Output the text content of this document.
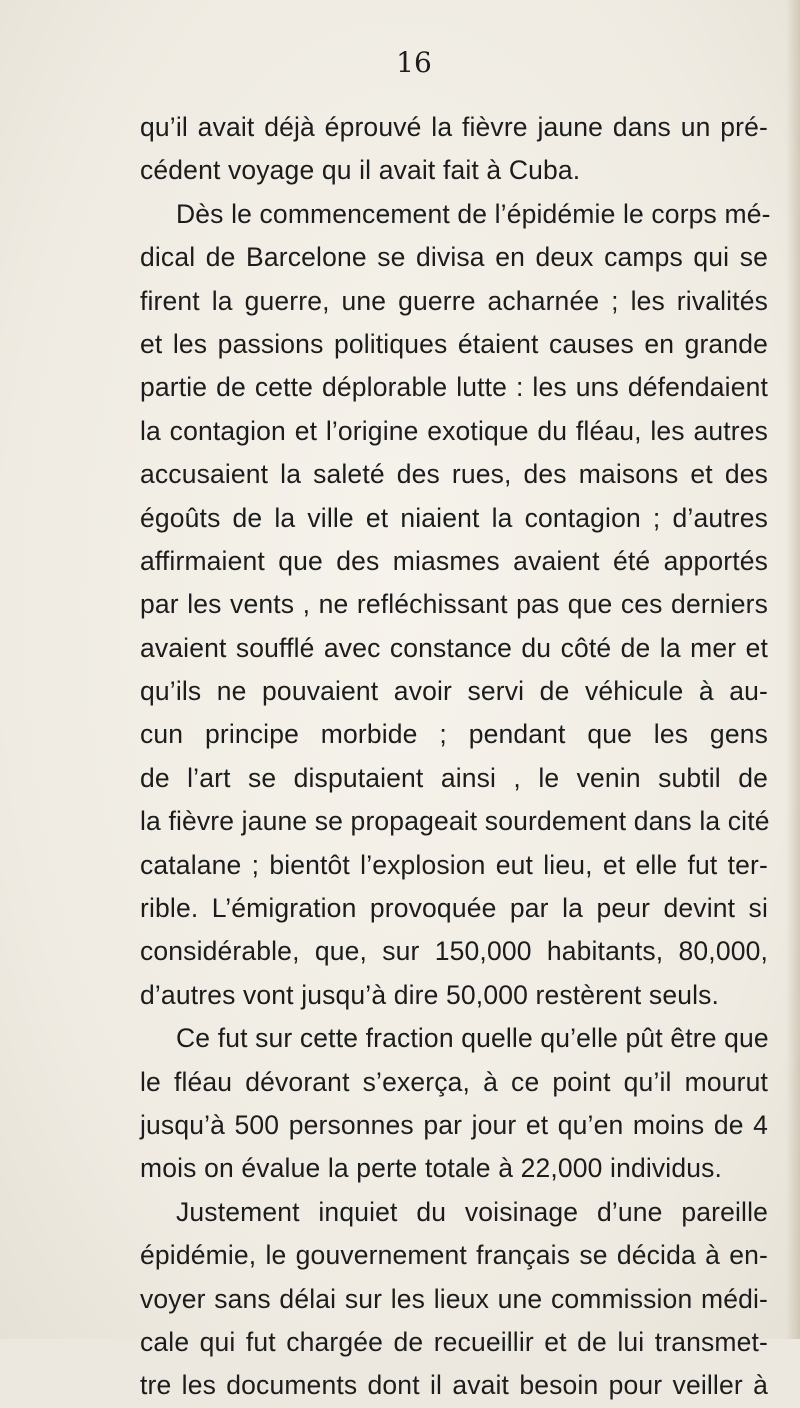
16
qu’il avait déjà éprouvé la fièvre jaune dans un pré-
cédent voyage qu il avait fait à Cuba.
Dès le commencement de l’épidémie le corps mé-
dical de Barcelone se divisa en deux camps qui se
firent la guerre, une guerre acharnée ; les rivalités
et les passions politiques étaient causes en grande
partie de cette déplorable lutte : les uns défendaient
la contagion et l’origine exotique du fléau, les autres
accusaient la saleté des rues, des maisons et des
égoûts de la ville et niaient la contagion ; d’autres
affirmaient que des miasmes avaient été apportés
par les vents , ne refléchissant pas que ces derniers
avaient soufflé avec constance du côté de la mer et
qu’ils ne pouvaient avoir servi de véhicule à au-
cun principe morbide ; pendant que les gens
de l’art se disputaient ainsi , le venin subtil de
la fièvre jaune se propageait sourdement dans la cité
catalane ; bientôt l’explosion eut lieu, et elle fut ter-
rible. L’émigration provoquée par la peur devint si
considérable, que, sur 150,000 habitants, 80,000,
d’autres vont jusqu’à dire 50,000 restèrent seuls.
Ce fut sur cette fraction quelle qu’elle pût être que
le fléau dévorant s’exerça, à ce point qu’il mourut
jusqu’à 500 personnes par jour et qu’en moins de 4
mois on évalue la perte totale à 22,000 individus.
Justement inquiet du voisinage d’une pareille
épidémie, le gouvernement français se décida à en-
voyer sans délai sur les lieux une commission médi-
cale qui fut chargée de recueillir et de lui transmet-
tre les documents dont il avait besoin pour veiller à
